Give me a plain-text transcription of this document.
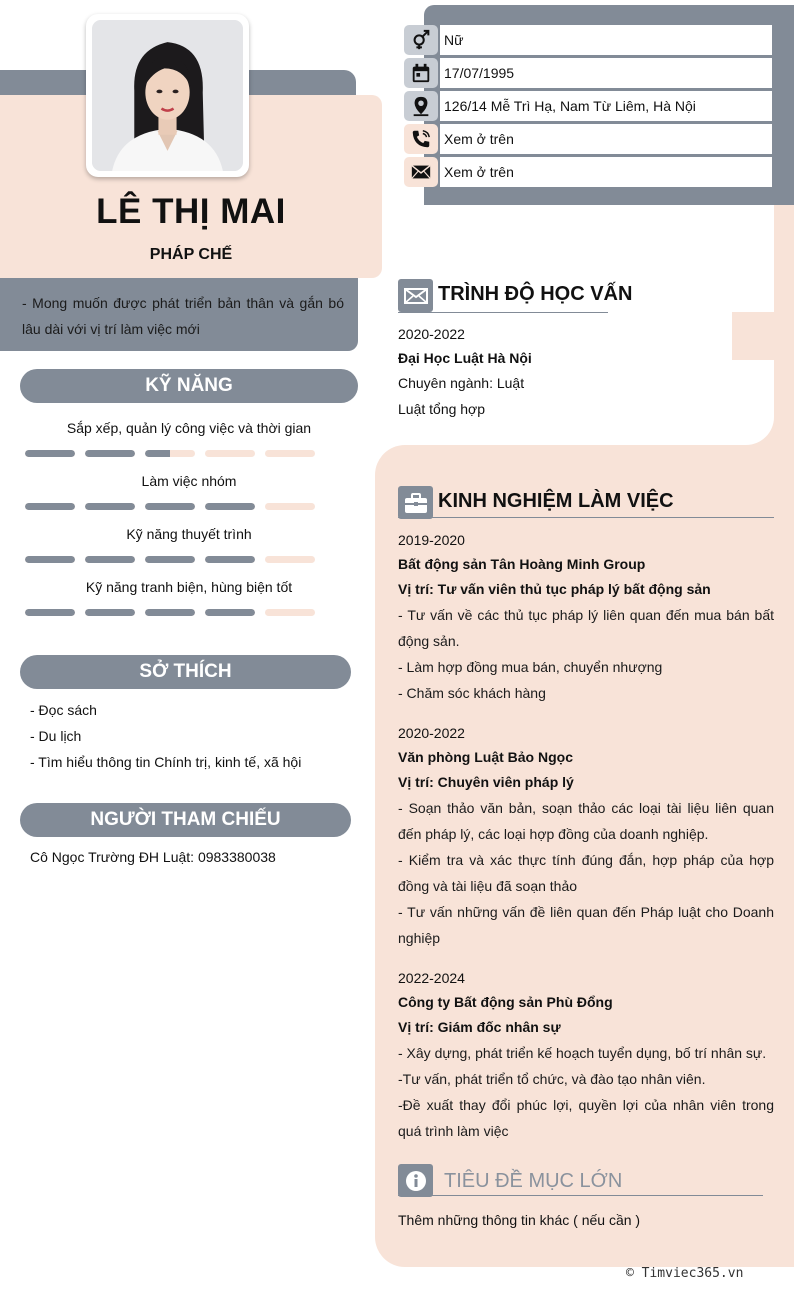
LÊ THỊ MAI
PHÁP CHẾ
- Mong muốn được phát triển bản thân và gắn bó lâu dài với vị trí làm việc mới
Nữ
17/07/1995
126/14 Mễ Trì Hạ, Nam Từ Liêm, Hà Nội
Xem ở trên
Xem ở trên
KỸ NĂNG
Sắp xếp, quản lý công việc và thời gian
Làm việc nhóm
Kỹ năng thuyết trình
Kỹ năng tranh biện, hùng biện tốt
SỞ THÍCH
- Đọc sách
- Du lịch
- Tìm hiểu thông tin Chính trị, kinh tế, xã hội
NGƯỜI THAM CHIẾU
Cô Ngọc Trường ĐH Luật: 0983380038
TRÌNH ĐỘ HỌC VẤN
2020-2022
Đại Học Luật Hà Nội
Chuyên ngành: Luật
Luật tổng hợp
KINH NGHIỆM LÀM VIỆC
2019-2020
Bất động sản Tân Hoàng Minh Group
Vị trí: Tư vấn viên thủ tục pháp lý bất động sản
- Tư vấn về các thủ tục pháp lý liên quan đến mua bán bất động sản.
- Làm hợp đồng mua bán, chuyển nhượng
- Chăm sóc khách hàng
2020-2022
Văn phòng Luật Bảo Ngọc
Vị trí: Chuyên viên pháp lý
- Soạn thảo văn bản, soạn thảo các loại tài liệu liên quan đến pháp lý, các loại hợp đồng của doanh nghiệp.
- Kiểm tra và xác thực tính đúng đắn, hợp pháp của hợp đồng và tài liệu đã soạn thảo
- Tư vấn những vấn đề liên quan đến Pháp luật cho Doanh nghiệp
2022-2024
Công ty Bất động sản Phù Đổng
Vị trí: Giám đốc nhân sự
- Xây dựng, phát triển kế hoạch tuyển dụng, bố trí nhân sự.
-Tư vấn, phát triển tổ chức, và đào tạo nhân viên.
-Đề xuất thay đổi phúc lợi, quyền lợi của nhân viên trong quá trình làm việc
TIÊU ĐỀ MỤC LỚN
Thêm những thông tin khác ( nếu cần )
© Timviec365.vn
